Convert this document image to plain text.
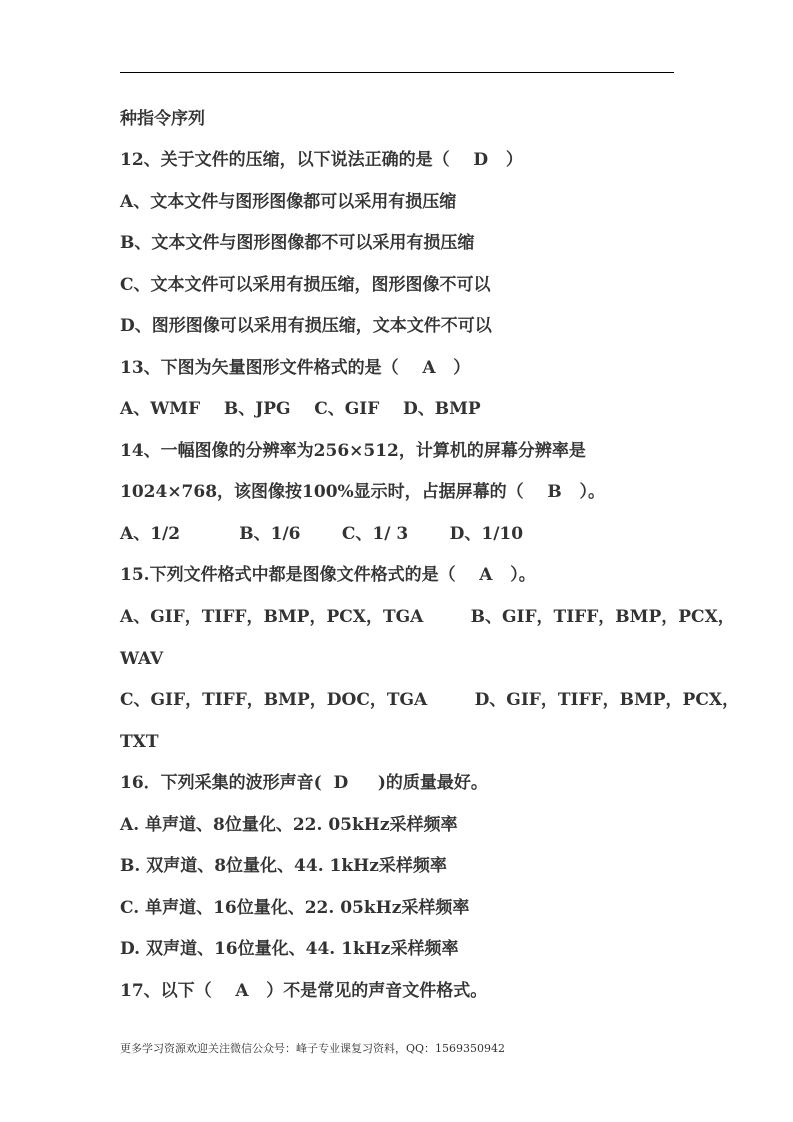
种指令序列
12、关于文件的压缩，以下说法正确的是（    D   ）
A、文本文件与图形图像都可以采用有损压缩
B、文本文件与图形图像都不可以采用有损压缩
C、文本文件可以采用有损压缩，图形图像不可以
D、图形图像可以采用有损压缩，文本文件不可以
13、下图为矢量图形文件格式的是（    A   ）
A、WMF    B、JPG    C、GIF    D、BMP
14、一幅图像的分辨率为256×512，计算机的屏幕分辨率是
1024×768，该图像按100%显示时，占据屏幕的（    B   ）。
A、1/2          B、1/6       C、1/ 3       D、1/10
15.下列文件格式中都是图像文件格式的是（    A   ）。
A、GIF，TIFF，BMP，PCX，TGA        B、GIF，TIFF，BMP，PCX，
WAV
C、GIF，TIFF，BMP，DOC，TGA        D、GIF，TIFF，BMP，PCX，
TXT
16．下列采集的波形声音(  D     )的质量最好。
A. 单声道、8位量化、22. 05kHz采样频率
B. 双声道、8位量化、44. 1kHz采样频率
C. 单声道、16位量化、22. 05kHz采样频率
D. 双声道、16位量化、44. 1kHz采样频率
17、以下（    A   ）不是常见的声音文件格式。
更多学习资源欢迎关注微信公众号：峰子专业课复习资料，QQ：1569350942
